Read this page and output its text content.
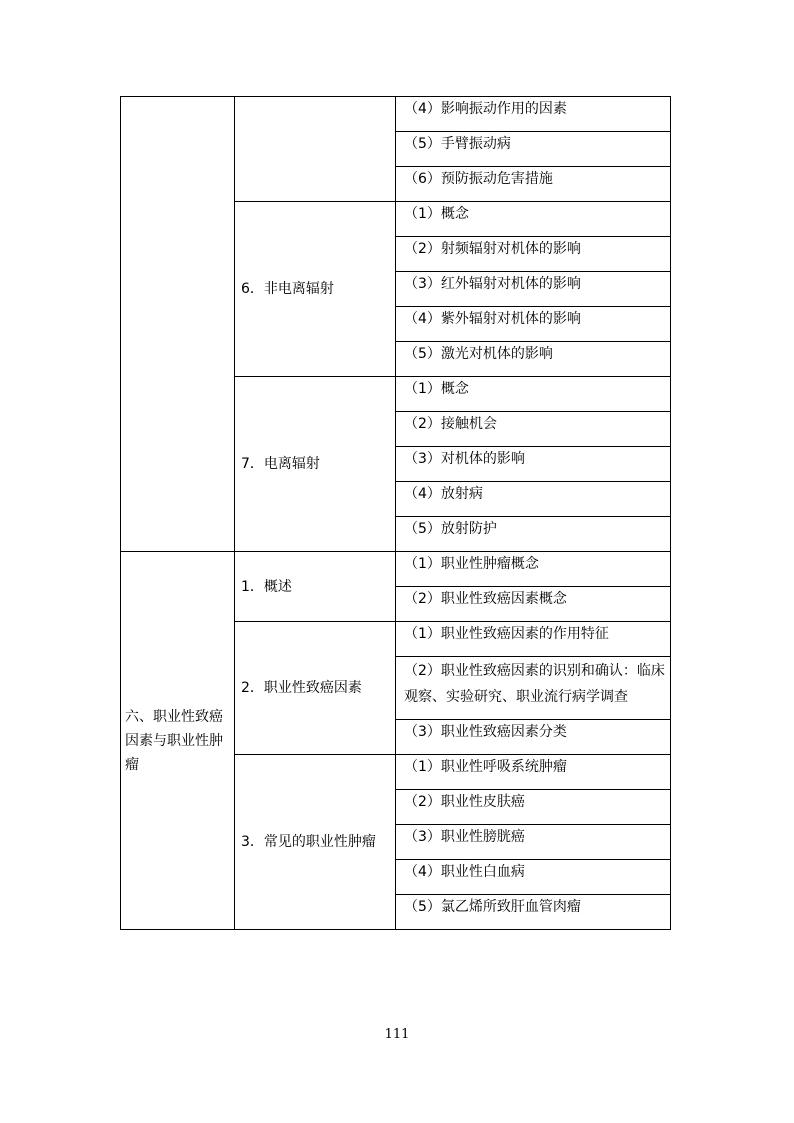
		（4）影响振动作用的因素
		（5）手臂振动病
		（6）预防振动危害措施
	6．非电离辐射	（1）概念
		（2）射频辐射对机体的影响
		（3）红外辐射对机体的影响
		（4）紫外辐射对机体的影响
		（5）激光对机体的影响
	7．电离辐射	（1）概念
		（2）接触机会
		（3）对机体的影响
		（4）放射病
		（5）放射防护
六、职业性致癌因素与职业性肿瘤	1．概述	（1）职业性肿瘤概念
		（2）职业性致癌因素概念
	2．职业性致癌因素	（1）职业性致癌因素的作用特征
		（2）职业性致癌因素的识别和确认：临床观察、实验研究、职业流行病学调查
		（3）职业性致癌因素分类
	3．常见的职业性肿瘤	（1）职业性呼吸系统肿瘤
		（2）职业性皮肤癌
		（3）职业性膀胱癌
		（4）职业性白血病
		（5）氯乙烯所致肝血管肉瘤
111
